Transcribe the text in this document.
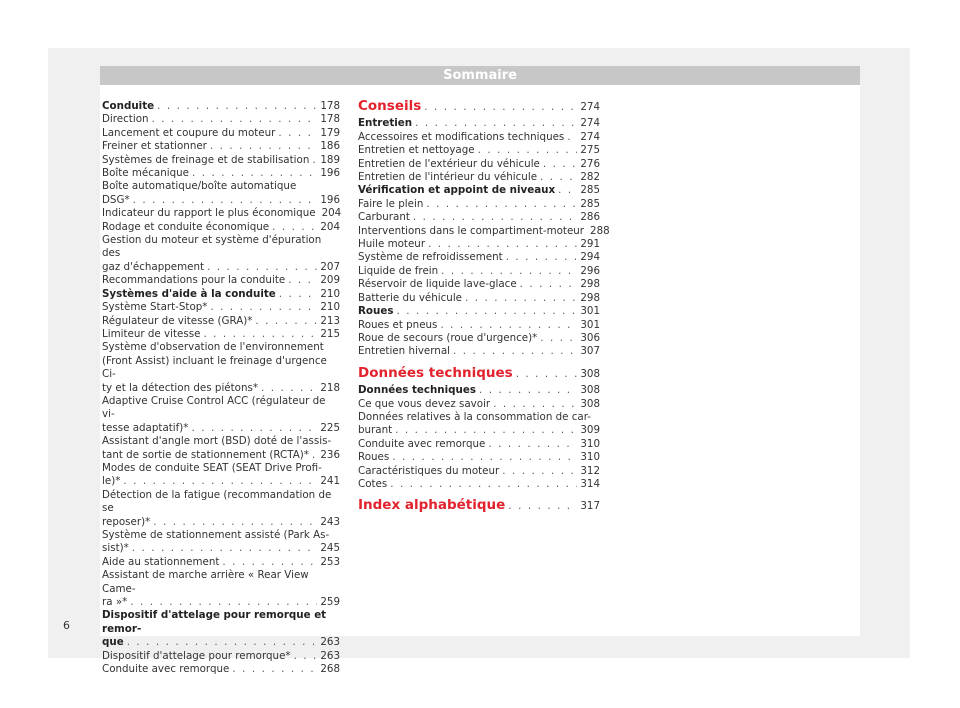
Sommaire
Conduite . . .	178
Direction . . .	178
Lancement et coupure du moteur . . .	179
Freiner et stationner . . .	186
Systèmes de freinage et de stabilisation . . . 189
Boîte mécanique . . .	196
Boîte automatique/boîte automatique
DSG* . . .	196
Indicateur du rapport le plus économique 204
Rodage et conduite économique . . .	204
Gestion du moteur et système d'épuration des
gaz d'échappement . . .	207
Recommandations pour la conduite . . .	209
Systèmes d'aide à la conduite . . .	210
Système Start-Stop* . . .	210
Régulateur de vitesse (GRA)* . . .	213
Limiteur de vitesse . . .	215
Système d'observation de l'environnement
(Front Assist) incluant le freinage d'urgence Ci-
ty et la détection des piétons* . . .	218
Adaptive Cruise Control ACC (régulateur de vi-
tesse adaptatif)* . . .	225
Assistant d'angle mort (BSD) doté de l'assis-
tant de sortie de stationnement (RCTA)* . . . 236
Modes de conduite SEAT (SEAT Drive Profi-
le)* . . .	241
Détection de la fatigue (recommandation de se
reposer)* . . .	243
Système de stationnement assisté (Park As-
sist)* . . .	245
Aide au stationnement . . .	253
Assistant de marche arrière « Rear View Came-
ra »* . . .	259
Dispositif d'attelage pour remorque et remor-
que . . .	263
Dispositif d'attelage pour remorque* . . .	263
Conduite avec remorque . . .	268
Conseils . . .	274
Entretien . . .	274
Accessoires et modifications techniques . . . 274
Entretien et nettoyage . . .	275
Entretien de l'extérieur du véhicule . . .	276
Entretien de l'intérieur du véhicule . . .	282
Vérification et appoint de niveaux . . . 285
Faire le plein . . .	285
Carburant . . .	286
Interventions dans le compartiment-moteur 288
Huile moteur . . .	291
Système de refroidissement . . .	294
Liquide de frein . . .	296
Réservoir de liquide lave-glace . . .	298
Batterie du véhicule . . .	298
Roues . . .	301
Roues et pneus . . .	301
Roue de secours (roue d'urgence)* . . .	306
Entretien hivernal . . .	307
Données techniques . . .	308
Données techniques . . .	308
Ce que vous devez savoir . . .	308
Données relatives à la consommation de car-
burant . . .	309
Conduite avec remorque . . .	310
Roues . . .	310
Caractéristiques du moteur . . .	312
Cotes . . .	314
Index alphabétique . . .	317
6
